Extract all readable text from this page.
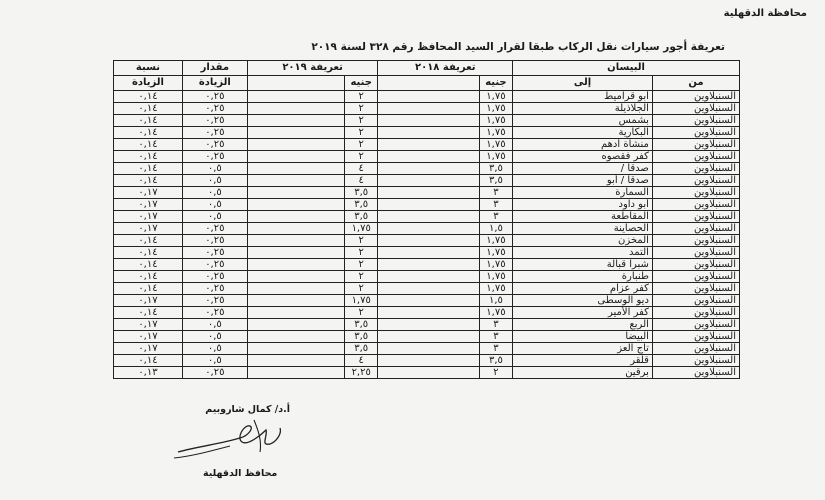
محافظة الدقهلية
تعريفة أجور سيارات نقل الركاب طبقا لقرار السيد المحافظ رقم ٣٢٨ لسنة ٢٠١٩
البيسان		تعريفة ٢٠١٨		تعريفة ٢٠١٩		مقدار	نسبة
من	إلى	جنيه		جنيه		الزيادة	الزيادة
السنبلاوين	أبو قراميط	١,٧٥		٢		٠,٢٥	٠,١٤
السنبلاوين	الجلاذيلة	١,٧٥		٢		٠,٢٥	٠,١٤
السنبلاوين	بشمس	١,٧٥		٢		٠,٢٥	٠,١٤
السنبلاوين	البكارية	١,٧٥		٢		٠,٢٥	٠,١٤
السنبلاوين	منشاة أدهم	١,٧٥		٢		٠,٢٥	٠,١٤
السنبلاوين	كفر فقصوه	١,٧٥		٢		٠,٢٥	٠,١٤
السنبلاوين	صدقا /	٣,٥		٤		٠,٥	٠,١٤
السنبلاوين	صدقا / أبو	٣,٥		٤		٠,٥	٠,١٤
السنبلاوين	السمارة	٣		٣,٥		٠,٥	٠,١٧
السنبلاوين	أبو داود	٣		٣,٥		٠,٥	٠,١٧
السنبلاوين	المقاطعة	٣		٣,٥		٠,٥	٠,١٧
السنبلاوين	الحصاينة	١,٥		١,٧٥		٠,٢٥	٠,١٧
السنبلاوين	المخزن	١,٧٥		٢		٠,٢٥	٠,١٤
السنبلاوين	التمد	١,٧٥		٢		٠,٢٥	٠,١٤
السنبلاوين	شبرا قبالة	١,٧٥		٢		٠,٢٥	٠,١٤
السنبلاوين	طنبارة	١,٧٥		٢		٠,٢٥	٠,١٤
السنبلاوين	كفر عزام	١,٧٥		٢		٠,٢٥	٠,١٤
السنبلاوين	ديو الوسطى	١,٥		١,٧٥		٠,٢٥	٠,١٧
السنبلاوين	كفر الأمير	١,٧٥		٢		٠,٢٥	٠,١٤
السنبلاوين	الربع	٣		٣,٥		٠,٥	٠,١٧
السنبلاوين	البيضا	٣		٣,٥		٠,٥	٠,١٧
السنبلاوين	تاج العز	٣		٣,٥		٠,٥	٠,١٧
السنبلاوين	قلقر	٣,٥		٤		٠,٥	٠,١٤
السنبلاوين	برقين	٢		٢,٢٥		٠,٢٥	٠,١٣
أ.د/ كمال شاروبيم
محافظ الدقهلية
